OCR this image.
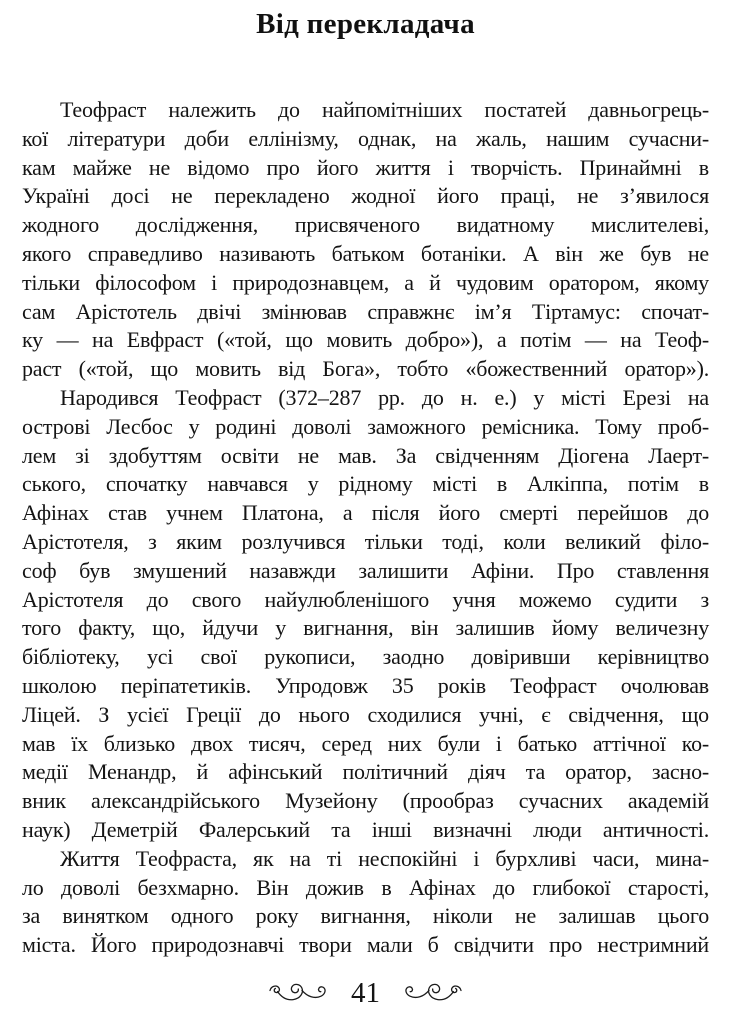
Від перекладача
Теофраст належить до найпомітніших постатей давньогрець-
кої літератури доби еллінізму, однак, на жаль, нашим сучасни-
кам майже не відомо про його життя і творчість. Принаймні в
Україні досі не перекладено жодної його праці, не з’явилося
жодного дослідження, присвяченого видатному мислителеві,
якого справедливо називають батьком ботаніки. А він же був не
тільки філософом і природознавцем, а й чудовим оратором, якому
сам Арістотель двічі змінював справжнє ім’я Тіртамус: спочат-
ку — на Евфраст («той, що мовить добро»), а потім — на Теоф-
раст («той, що мовить від Бога», тобто «божественний оратор»).
Народився Теофраст (372–287 рр. до н. е.) у місті Ерезі на
острові Лесбос у родині доволі заможного ремісника. Тому проб-
лем зі здобуттям освіти не мав. За свідченням Діогена Лаерт-
ського, спочатку навчався у рідному місті в Алкіппа, потім в
Афінах став учнем Платона, а після його смерті перейшов до
Арістотеля, з яким розлучився тільки тоді, коли великий філо-
соф був змушений назавжди залишити Афіни. Про ставлення
Арістотеля до свого найулюбленішого учня можемо судити з
того факту, що, йдучи у вигнання, він залишив йому величезну
бібліотеку, усі свої рукописи, заодно довіривши керівництво
школою періпатетиків. Упродовж 35 років Теофраст очолював
Ліцей. З усієї Греції до нього сходилися учні, є свідчення, що
мав їх близько двох тисяч, серед них були і батько аттічної ко-
медії Менандр, й афінський політичний діяч та оратор, засно-
вник александрійського Музейону (прообраз сучасних академій
наук) Деметрій Фалерський та інші визначні люди античності.
Життя Теофраста, як на ті неспокійні і бурхливі часи, мина-
ло доволі безхмарно. Він дожив в Афінах до глибокої старості,
за винятком одного року вигнання, ніколи не залишав цього
міста. Його природознавчі твори мали б свідчити про нестримний
41
